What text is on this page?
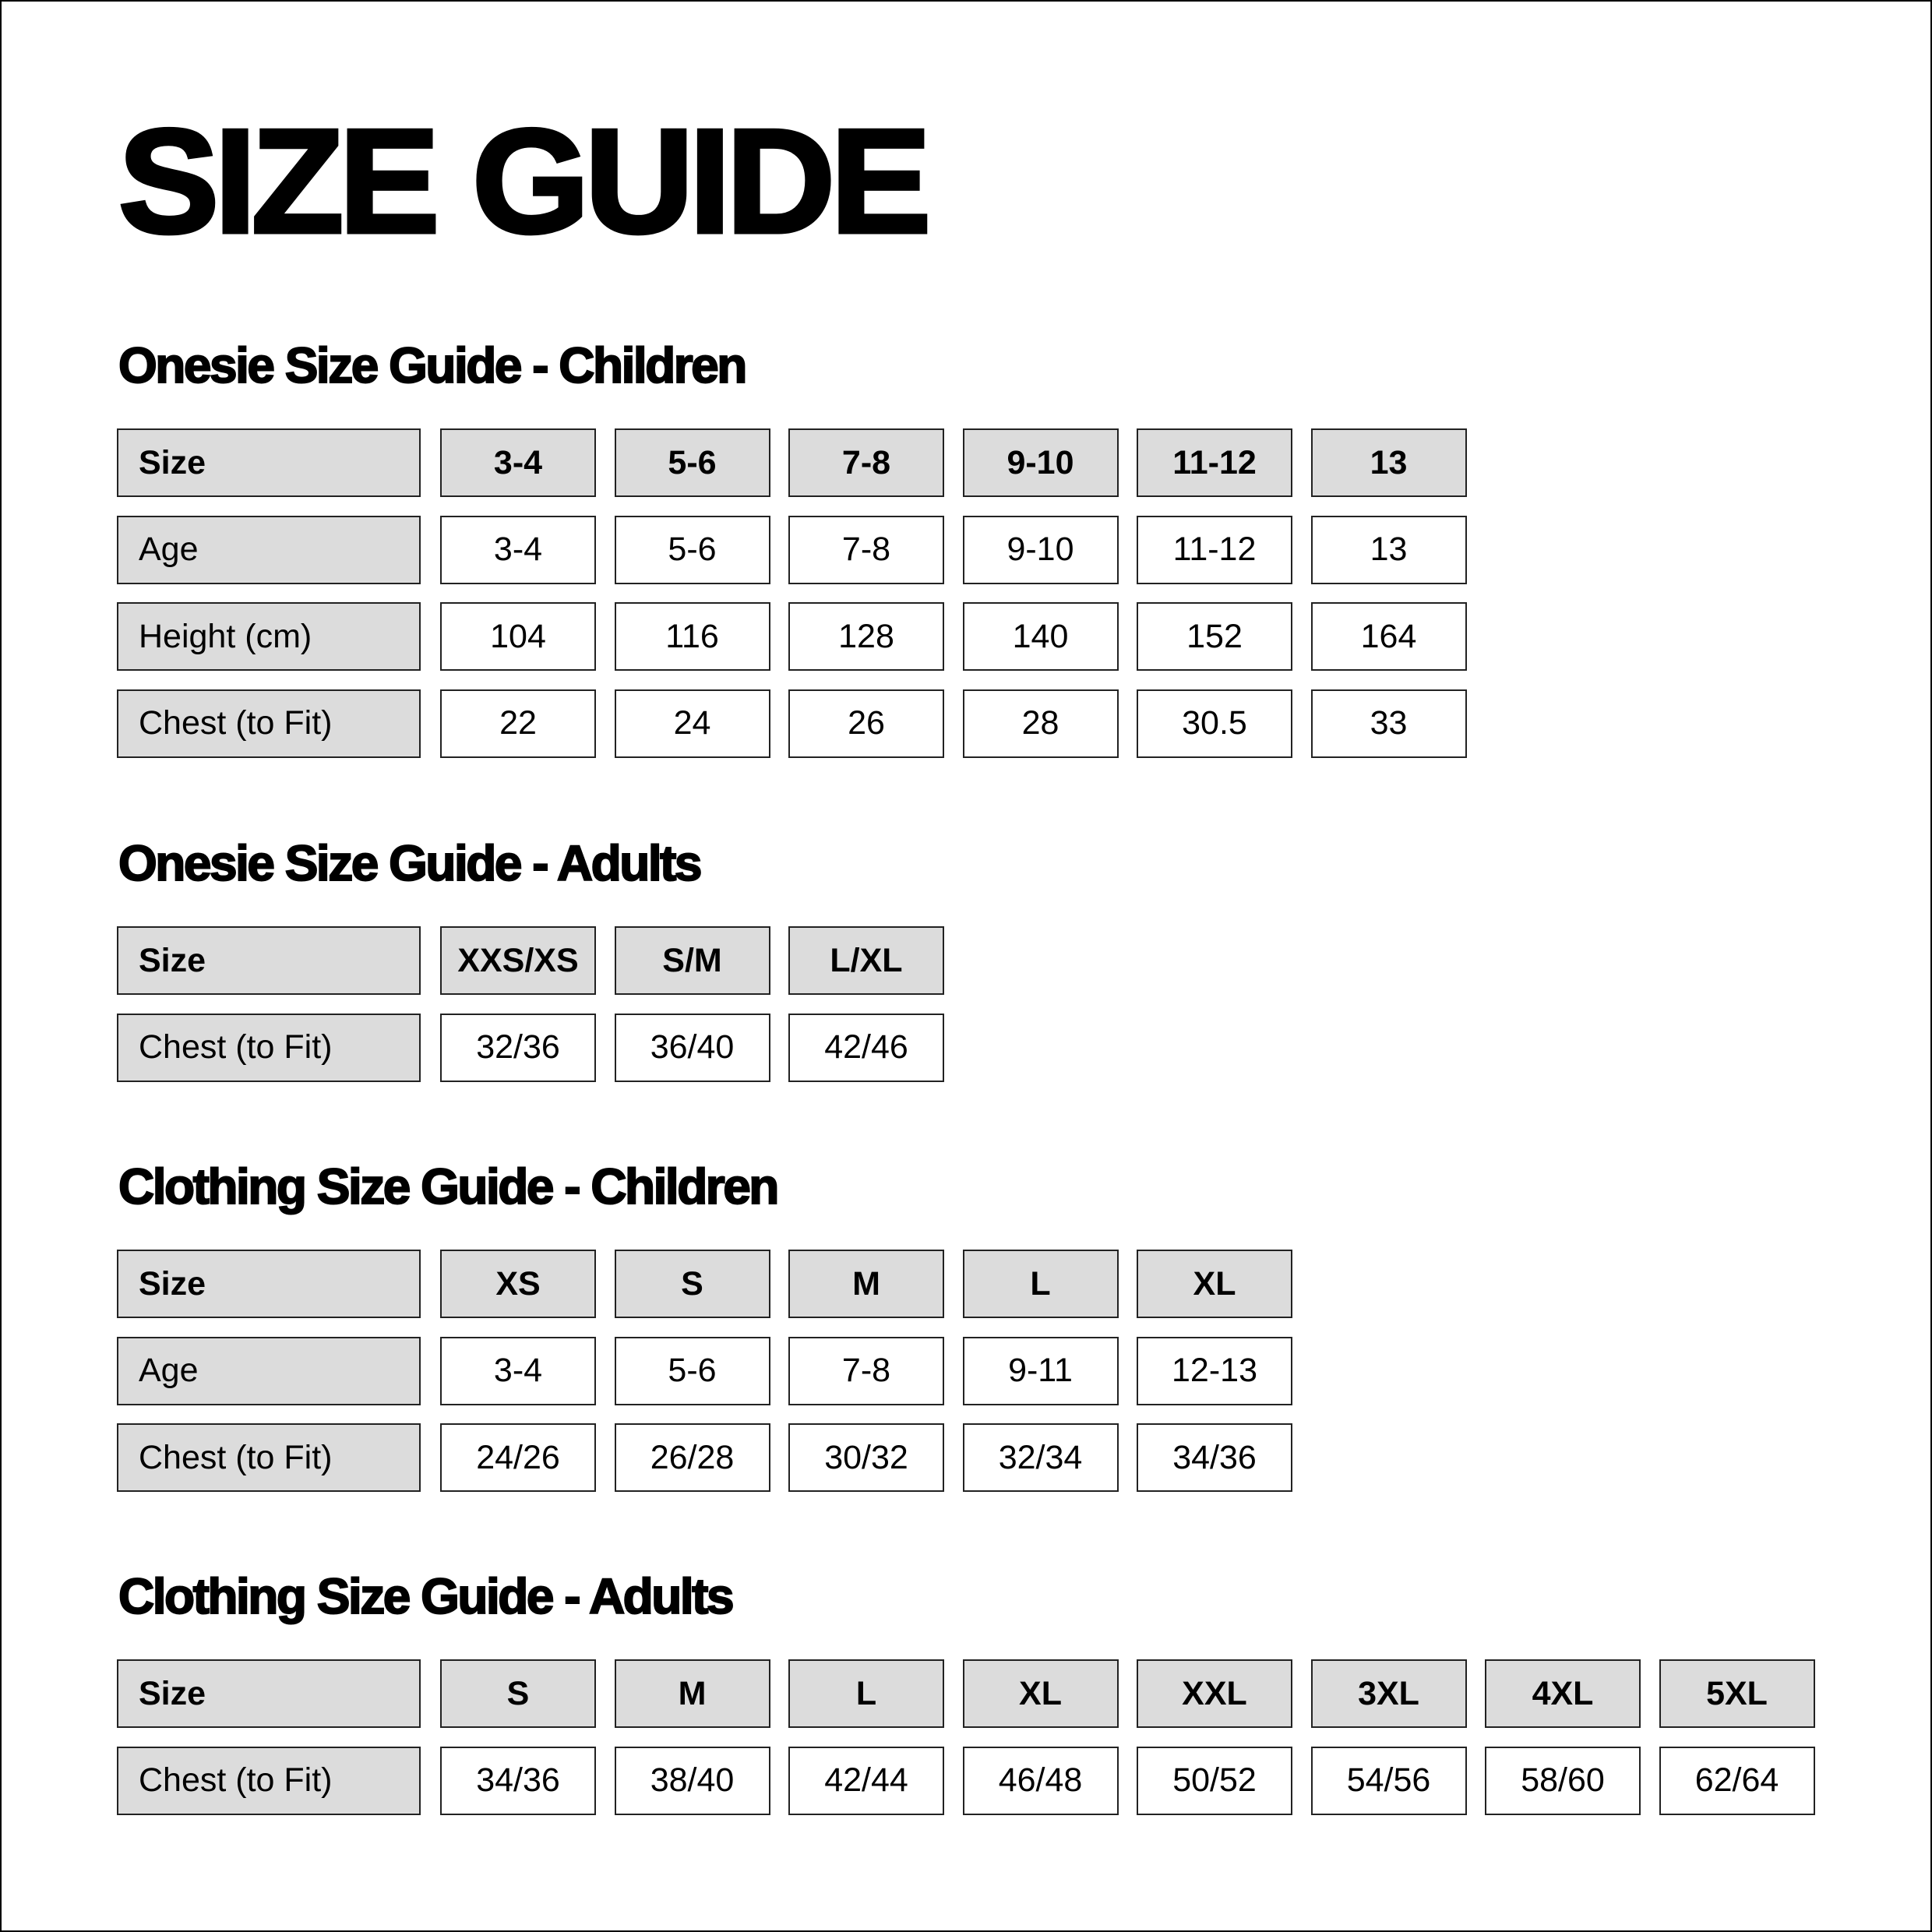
SIZE GUIDE
Onesie Size Guide - Children
Size	3-4	5-6	7-8	9-10	11-12	13
Age	3-4	5-6	7-8	9-10	11-12	13
Height (cm)	104	116	128	140	152	164
Chest (to Fit)	22	24	26	28	30.5	33
Onesie Size Guide - Adults
Size	XXS/XS	S/M	L/XL
Chest (to Fit)	32/36	36/40	42/46
Clothing Size Guide - Children
Size	XS	S	M	L	XL
Age	3-4	5-6	7-8	9-11	12-13
Chest (to Fit)	24/26	26/28	30/32	32/34	34/36
Clothing Size Guide - Adults
Size	S	M	L	XL	XXL	3XL	4XL	5XL
Chest (to Fit)	34/36	38/40	42/44	46/48	50/52	54/56	58/60	62/64
